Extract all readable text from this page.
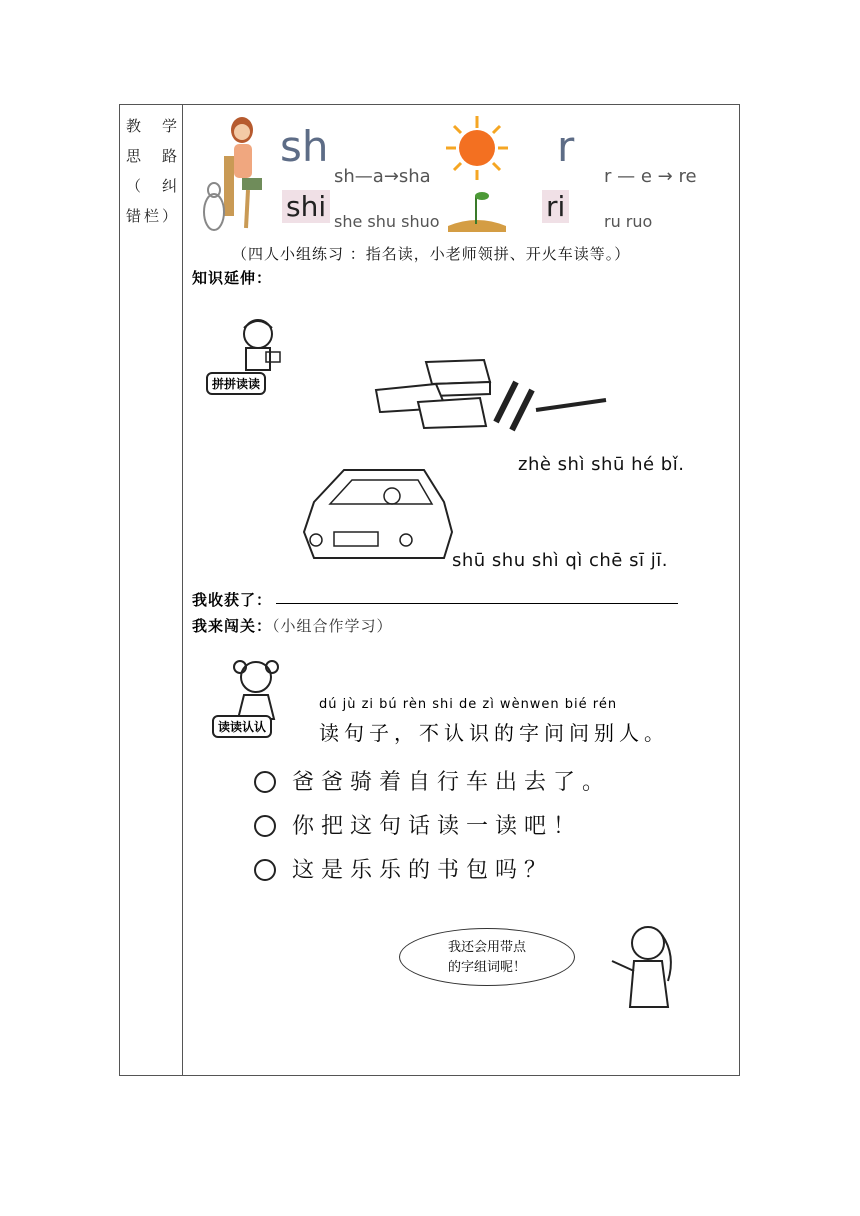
教 学
思 路
（ 纠
错栏）
sh
shi
sh—a→sha
she shu shuo
r
ri
r — e → re
ru ruo
（四人小组练习 ：指名读，小老师领拼、开火车读等。）
知识延伸：
拼拼读读
zhè shì shū hé bǐ.
shū shu shì qì chē sī jī.
我收获了：
我来闯关：（小组合作学习）
读读认认
dú jù zi bú rèn shi de zì wènwen bié rén
读句子，不认识的字问问别人。
爸爸骑着自行车出去了。
你把这句话读一读吧！
这是乐乐的书包吗？
我还会用带点
的字组词呢！
